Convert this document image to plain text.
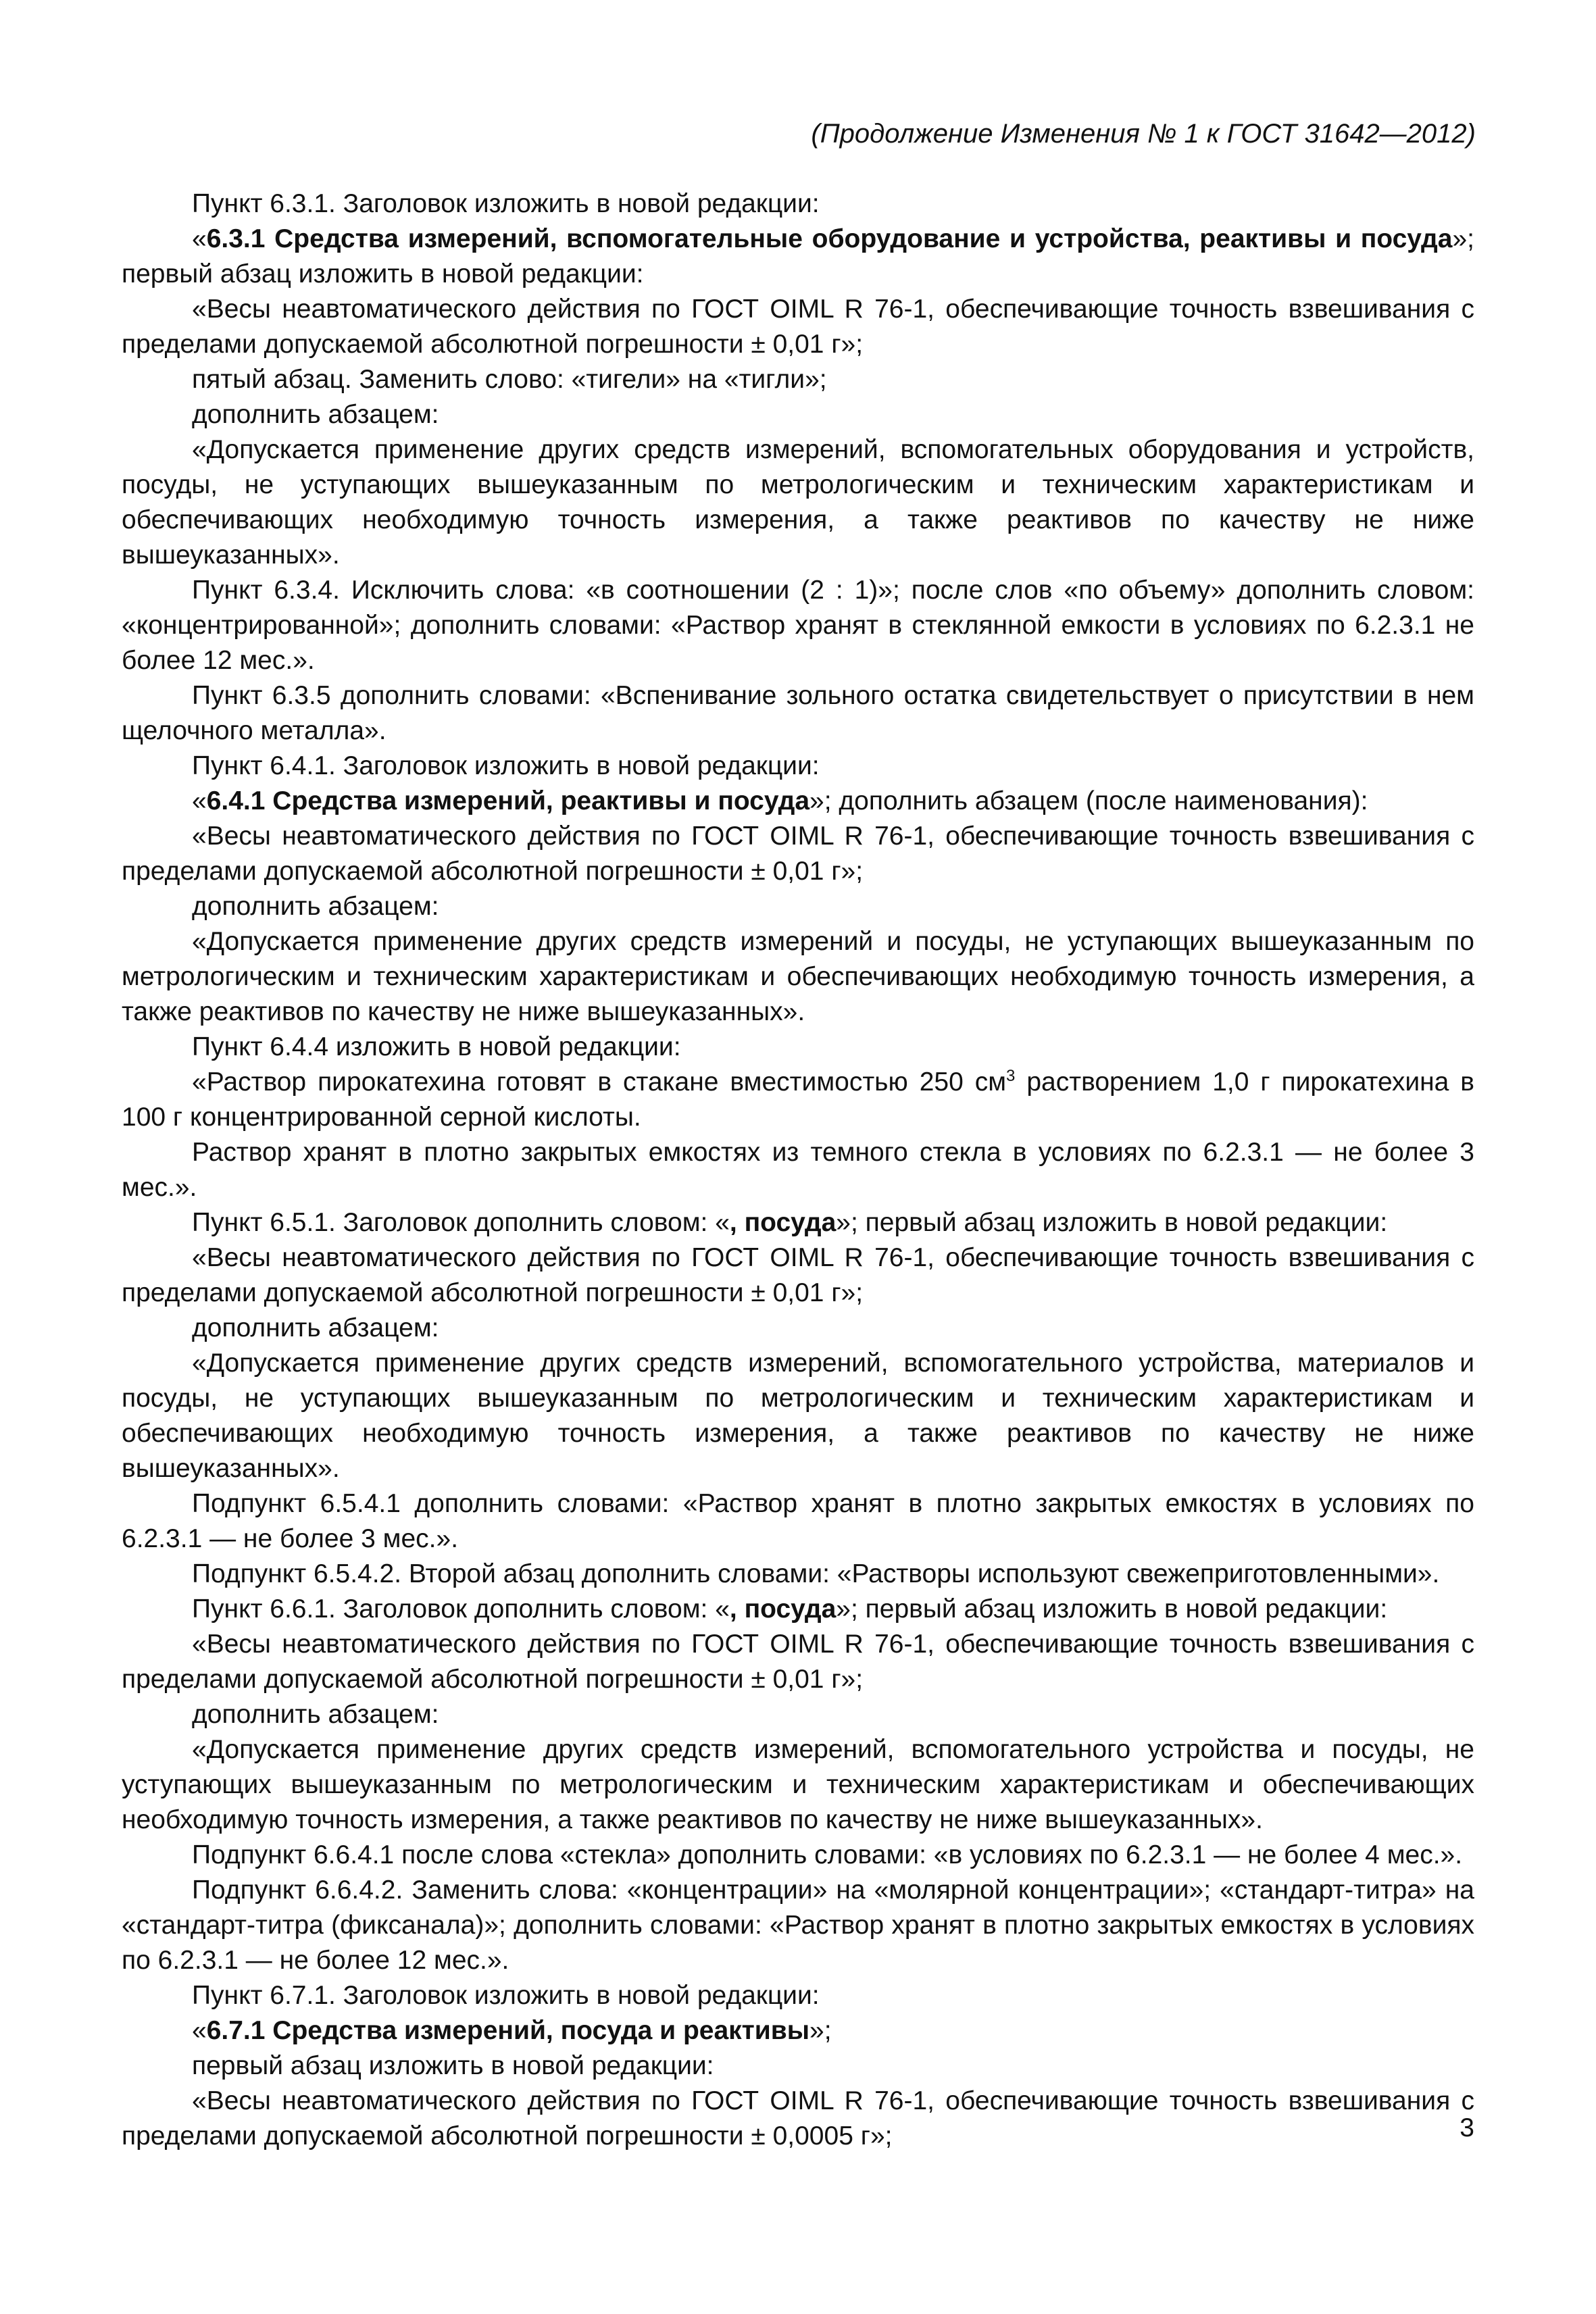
(Продолжение Изменения № 1 к ГОСТ 31642—2012)

Пункт 6.3.1. Заголовок изложить в новой редакции:

«6.3.1 Средства измерений, вспомогательные оборудование и устройства, реактивы и посуда»; первый абзац изложить в новой редакции:

«Весы неавтоматического действия по ГОСТ OIML R 76-1, обеспечивающие точность взвешивания с пределами допускаемой абсолютной погрешности ± 0,01 г»;

пятый абзац. Заменить слово: «тигели» на «тигли»;

дополнить абзацем:

«Допускается применение других средств измерений, вспомогательных оборудования и устройств, посуды, не уступающих вышеуказанным по метрологическим и техническим характеристикам и обеспечивающих необходимую точность измерения, а также реактивов по качеству не ниже вышеуказанных».

Пункт 6.3.4. Исключить слова: «в соотношении (2 : 1)»; после слов «по объему» дополнить словом: «концентрированной»; дополнить словами: «Раствор хранят в стеклянной емкости в условиях по 6.2.3.1 не более 12 мес.».

Пункт 6.3.5 дополнить словами: «Вспенивание зольного остатка свидетельствует о присутствии в нем щелочного металла».

Пункт 6.4.1. Заголовок изложить в новой редакции:

«6.4.1 Средства измерений, реактивы и посуда»; дополнить абзацем (после наименования):

«Весы неавтоматического действия по ГОСТ OIML R 76-1, обеспечивающие точность взвешивания с пределами допускаемой абсолютной погрешности ± 0,01 г»;

дополнить абзацем:

«Допускается применение других средств измерений и посуды, не уступающих вышеуказанным по метрологическим и техническим характеристикам и обеспечивающих необходимую точность измерения, а также реактивов по качеству не ниже вышеуказанных».

Пункт 6.4.4 изложить в новой редакции:

«Раствор пирокатехина готовят в стакане вместимостью 250 $см^3$ растворением 1,0 г пирокатехина в 100 г концентрированной серной кислоты.

Раствор хранят в плотно закрытых емкостях из темного стекла в условиях по 6.2.3.1 — не более 3 мес.».

Пункт 6.5.1. Заголовок дополнить словом: «, посуда»; первый абзац изложить в новой редакции:

«Весы неавтоматического действия по ГОСТ OIML R 76-1, обеспечивающие точность взвешивания с пределами допускаемой абсолютной погрешности ± 0,01 г»;

дополнить абзацем:

«Допускается применение других средств измерений, вспомогательного устройства, материалов и посуды, не уступающих вышеуказанным по метрологическим и техническим характеристикам и обеспечивающих необходимую точность измерения, а также реактивов по качеству не ниже вышеуказанных».

Подпункт 6.5.4.1 дополнить словами: «Раствор хранят в плотно закрытых емкостях в условиях по 6.2.3.1 — не более 3 мес.».

Подпункт 6.5.4.2. Второй абзац дополнить словами: «Растворы используют свежеприготовленными».

Пункт 6.6.1. Заголовок дополнить словом: «, посуда»; первый абзац изложить в новой редакции:

«Весы неавтоматического действия по ГОСТ OIML R 76-1, обеспечивающие точность взвешивания с пределами допускаемой абсолютной погрешности ± 0,01 г»;

дополнить абзацем:

«Допускается применение других средств измерений, вспомогательного устройства и посуды, не уступающих вышеуказанным по метрологическим и техническим характеристикам и обеспечивающих необходимую точность измерения, а также реактивов по качеству не ниже вышеуказанных».

Подпункт 6.6.4.1 после слова «стекла» дополнить словами: «в условиях по 6.2.3.1 — не более 4 мес.».

Подпункт 6.6.4.2. Заменить слова: «концентрации» на «молярной концентрации»; «стандарт-титра» на «стандарт-титра (фиксанала)»; дополнить словами: «Раствор хранят в плотно закрытых емкостях в условиях по 6.2.3.1 — не более 12 мес.».

Пункт 6.7.1. Заголовок изложить в новой редакции:

«6.7.1 Средства измерений, посуда и реактивы»;

первый абзац изложить в новой редакции:

«Весы неавтоматического действия по ГОСТ OIML R 76-1, обеспечивающие точность взвешивания с пределами допускаемой абсолютной погрешности ± 0,0005 г»;	3
